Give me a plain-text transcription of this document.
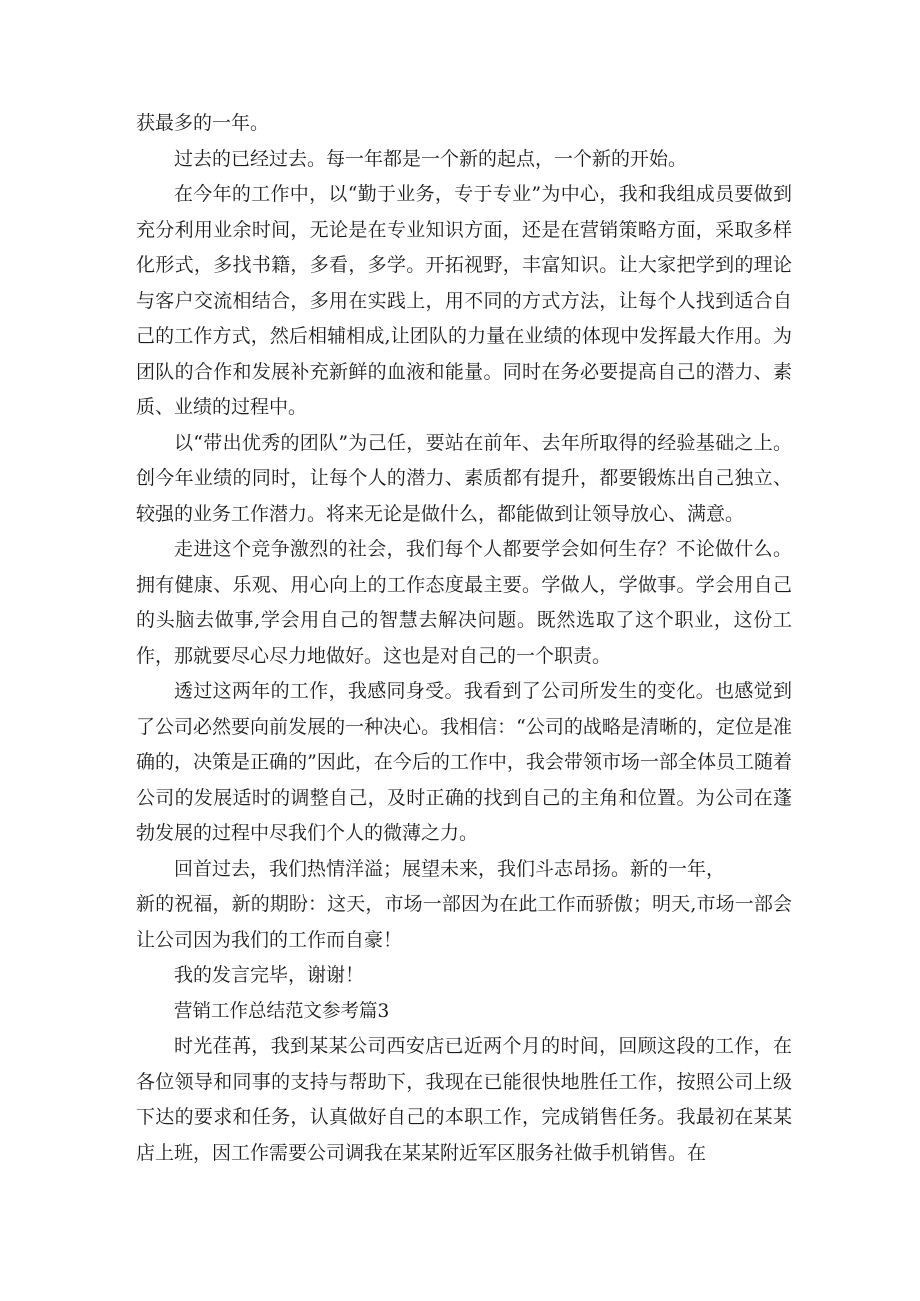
获最多的一年。

过去的已经过去。每一年都是一个新的起点，一个新的开始。

在今年的工作中，以“勤于业务，专于专业”为中心，我和我组成员要做到充分利用业余时间，无论是在专业知识方面，还是在营销策略方面，采取多样化形式，多找书籍，多看，多学。开拓视野，丰富知识。让大家把学到的理论与客户交流相结合，多用在实践上，用不同的方式方法，让每个人找到适合自己的工作方式，然后相辅相成,让团队的力量在业绩的体现中发挥最大作用。为团队的合作和发展补充新鲜的血液和能量。同时在务必要提高自己的潜力、素质、业绩的过程中。

以“带出优秀的团队”为己任，要站在前年、去年所取得的经验基础之上。创今年业绩的同时，让每个人的潜力、素质都有提升，都要锻炼出自己独立、较强的业务工作潜力。将来无论是做什么，都能做到让领导放心、满意。

走进这个竞争激烈的社会，我们每个人都要学会如何生存？不论做什么。拥有健康、乐观、用心向上的工作态度最主要。学做人，学做事。学会用自己的头脑去做事,学会用自己的智慧去解决问题。既然选取了这个职业，这份工作，那就要尽心尽力地做好。这也是对自己的一个职责。

透过这两年的工作，我感同身受。我看到了公司所发生的变化。也感觉到了公司必然要向前发展的一种决心。我相信：“公司的战略是清晰的，定位是准确的，决策是正确的”因此，在今后的工作中，我会带领市场一部全体员工随着公司的发展适时的调整自己，及时正确的找到自己的主角和位置。为公司在蓬勃发展的过程中尽我们个人的微薄之力。

回首过去，我们热情洋溢；展望未来，我们斗志昂扬。新的一年，

新的祝福，新的期盼：这天，市场一部因为在此工作而骄傲；明天,市场一部会让公司因为我们的工作而自豪！

我的发言完毕，谢谢！

营销工作总结范文参考篇3

时光荏苒，我到某某公司西安店已近两个月的时间，回顾这段的工作，在各位领导和同事的支持与帮助下，我现在已能很快地胜任工作，按照公司上级下达的要求和任务，认真做好自己的本职工作，完成销售任务。我最初在某某店上班，因工作需要公司调我在某某附近军区服务社做手机销售。在
